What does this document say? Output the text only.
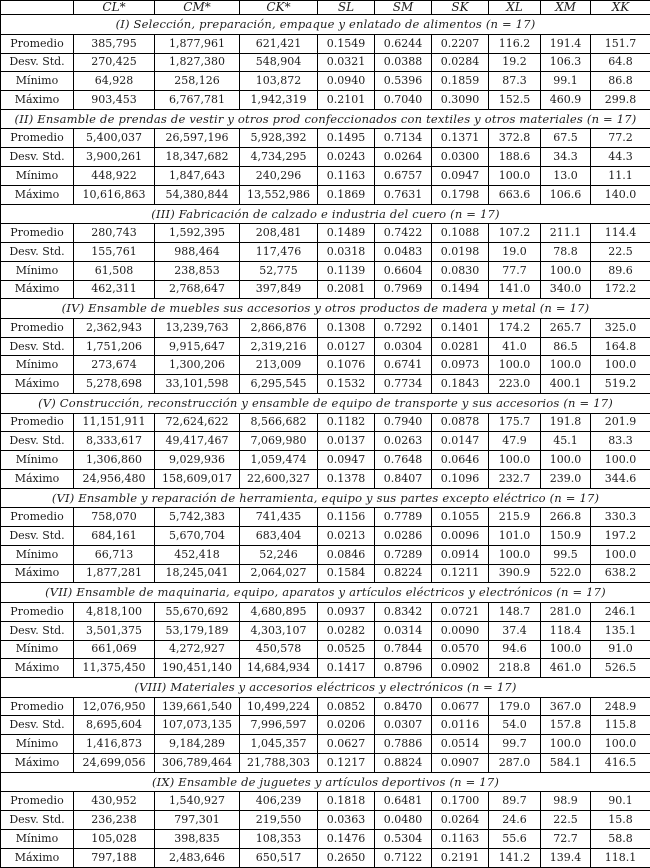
	CL*	CM*	CK*	SL	SM	SK	XL	XM	XK
(I) Selección, preparación, empaque y enlatado de alimentos (n = 17)									
Promedio	385,795	1,877,961	621,421	0.1549	0.6244	0.2207	116.2	191.4	151.7
Desv. Std.	270,425	1,827,380	548,904	0.0321	0.0388	0.0284	19.2	106.3	64.8
Mínimo	64,928	258,126	103,872	0.0940	0.5396	0.1859	87.3	99.1	86.8
Máximo	903,453	6,767,781	1,942,319	0.2101	0.7040	0.3090	152.5	460.9	299.8
(II) Ensamble de prendas de vestir y otros prod confeccionados con textiles y otros materiales (n = 17)									
Promedio	5,400,037	26,597,196	5,928,392	0.1495	0.7134	0.1371	372.8	67.5	77.2
Desv. Std.	3,900,261	18,347,682	4,734,295	0.0243	0.0264	0.0300	188.6	34.3	44.3
Mínimo	448,922	1,847,643	240,296	0.1163	0.6757	0.0947	100.0	13.0	11.1
Máximo	10,616,863	54,380,844	13,552,986	0.1869	0.7631	0.1798	663.6	106.6	140.0
(III) Fabricación de calzado e industria del cuero (n = 17)									
Promedio	280,743	1,592,395	208,481	0.1489	0.7422	0.1088	107.2	211.1	114.4
Desv. Std.	155,761	988,464	117,476	0.0318	0.0483	0.0198	19.0	78.8	22.5
Mínimo	61,508	238,853	52,775	0.1139	0.6604	0.0830	77.7	100.0	89.6
Máximo	462,311	2,768,647	397,849	0.2081	0.7969	0.1494	141.0	340.0	172.2
(IV) Ensamble de muebles sus accesorios y otros productos de madera y metal (n = 17)									
Promedio	2,362,943	13,239,763	2,866,876	0.1308	0.7292	0.1401	174.2	265.7	325.0
Desv. Std.	1,751,206	9,915,647	2,319,216	0.0127	0.0304	0.0281	41.0	86.5	164.8
Mínimo	273,674	1,300,206	213,009	0.1076	0.6741	0.0973	100.0	100.0	100.0
Máximo	5,278,698	33,101,598	6,295,545	0.1532	0.7734	0.1843	223.0	400.1	519.2
(V) Construcción, reconstrucción y ensamble de equipo de transporte y sus accesorios (n = 17)									
Promedio	11,151,911	72,624,622	8,566,682	0.1182	0.7940	0.0878	175.7	191.8	201.9
Desv. Std.	8,333,617	49,417,467	7,069,980	0.0137	0.0263	0.0147	47.9	45.1	83.3
Mínimo	1,306,860	9,029,936	1,059,474	0.0947	0.7648	0.0646	100.0	100.0	100.0
Máximo	24,956,480	158,609,017	22,600,327	0.1378	0.8407	0.1096	232.7	239.0	344.6
(VI) Ensamble y reparación de herramienta, equipo y sus partes excepto eléctrico (n = 17)									
Promedio	758,070	5,742,383	741,435	0.1156	0.7789	0.1055	215.9	266.8	330.3
Desv. Std.	684,161	5,670,704	683,404	0.0213	0.0286	0.0096	101.0	150.9	197.2
Mínimo	66,713	452,418	52,246	0.0846	0.7289	0.0914	100.0	99.5	100.0
Máximo	1,877,281	18,245,041	2,064,027	0.1584	0.8224	0.1211	390.9	522.0	638.2
(VII) Ensamble de maquinaria, equipo, aparatos y artículos eléctricos y electrónicos (n = 17)									
Promedio	4,818,100	55,670,692	4,680,895	0.0937	0.8342	0.0721	148.7	281.0	246.1
Desv. Std.	3,501,375	53,179,189	4,303,107	0.0282	0.0314	0.0090	37.4	118.4	135.1
Mínimo	661,069	4,272,927	450,578	0.0525	0.7844	0.0570	94.6	100.0	91.0
Máximo	11,375,450	190,451,140	14,684,934	0.1417	0.8796	0.0902	218.8	461.0	526.5
(VIII) Materiales y accesorios eléctricos y electrónicos (n = 17)									
Promedio	12,076,950	139,661,540	10,499,224	0.0852	0.8470	0.0677	179.0	367.0	248.9
Desv. Std.	8,695,604	107,073,135	7,996,597	0.0206	0.0307	0.0116	54.0	157.8	115.8
Mínimo	1,416,873	9,184,289	1,045,357	0.0627	0.7886	0.0514	99.7	100.0	100.0
Máximo	24,699,056	306,789,464	21,788,303	0.1217	0.8824	0.0907	287.0	584.1	416.5
(IX) Ensamble de juguetes y artículos deportivos (n = 17)									
Promedio	430,952	1,540,927	406,239	0.1818	0.6481	0.1700	89.7	98.9	90.1
Desv. Std.	236,238	797,301	219,550	0.0363	0.0480	0.0264	24.6	22.5	15.8
Mínimo	105,028	398,835	108,353	0.1476	0.5304	0.1163	55.6	72.7	58.8
Máximo	797,188	2,483,646	650,517	0.2650	0.7122	0.2191	141.2	139.4	118.1
